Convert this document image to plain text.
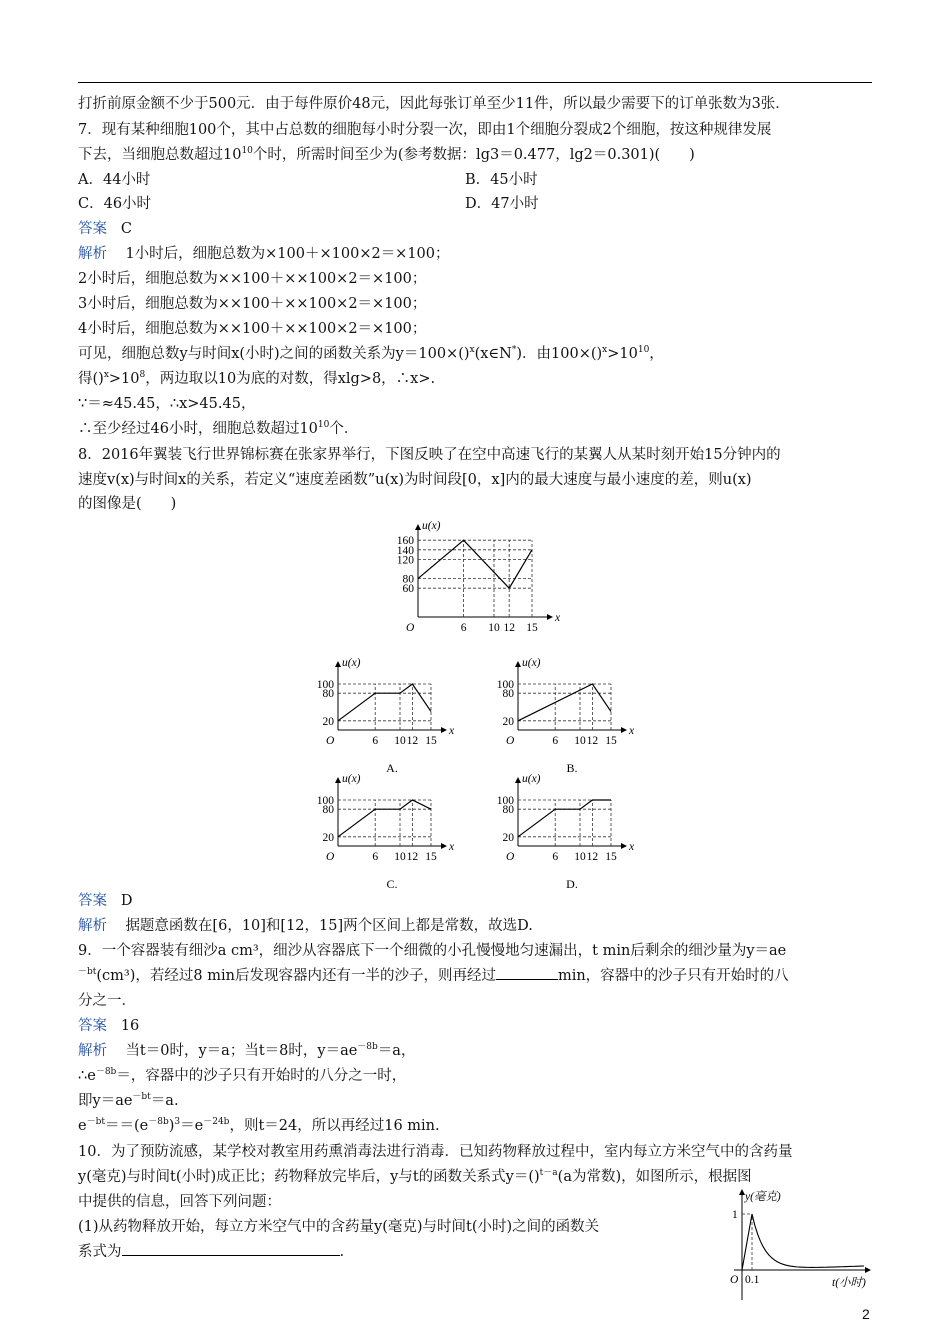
打折前原金额不少于500元．由于每件原价48元，因此每张订单至少11件，所以最少需要下的订单张数为3张．
7．现有某种细胞100个，其中占总数的细胞每小时分裂一次，即由1个细胞分裂成2个细胞，按这种规律发展
下去，当细胞总数超过$10^{10}$个时，所需时间至少为(参考数据：lg3＝0.477，lg2＝0.301)(　　)
A．44小时	B．45小时
C．46小时	D．47小时
答案 C
解析 1小时后，细胞总数为×100＋×100×2＝×100；
2小时后，细胞总数为××100＋××100×2＝×100；
3小时后，细胞总数为××100＋××100×2＝×100；
4小时后，细胞总数为××100＋××100×2＝×100；
可见，细胞总数y与时间x(小时)之间的函数关系为y＝100×()$^x$(x∈N*)．由$100\times()^x>10^{10}$，
得$()^x>10^8$，两边取以10为底的对数，得xlg>8，∴x>.
∵＝≈45.45，∴x>45.45，
∴至少经过46小时，细胞总数超过$10^{10}$个．
8．2016年翼装飞行世界锦标赛在张家界举行，下图反映了在空中高速飞行的某翼人从某时刻开始15分钟内的
速度v(x)与时间x的关系，若定义“速度差函数”u(x)为时间段[0，x]内的最大速度与最小速度的差，则u(x)
的图像是(　　)
u(x)
x
O
160
140
120
80
60
6 10 12 15
u(x)
x
O
100
80
20
6 10 12 15
A.
u(x)
x
O
100
80
20
6 10 12 15
B.
u(x)
x
O
100
80
20
6 10 12 15
C.
u(x)
x
O
100
80
20
6 10 12 15
D.
y(毫克)
t(小时)
O
1
0.1
答案 D
解析 据题意函数在[6，10]和[12，15]两个区间上都是常数，故选D.
9．一个容器装有细沙a cm³，细沙从容器底下一个细微的小孔慢慢地匀速漏出，t min后剩余的细沙量为y＝ae
$^{-bt}$(cm³)，若经过8 min后发现容器内还有一半的沙子，则再经过	min，容器中的沙子只有开始时的八
分之一．
答案 16
解析 当t＝0时，y＝a；当t＝8时，$y=ae^{-8b}=a$，
$\therefore e^{-8b}=$，容器中的沙子只有开始时的八分之一时，
即$y=ae^{-bt}=a$.
$e^{-bt}==(e^{-8b})^3=e^{-24b}$，则t＝24，所以再经过16 min.
10．为了预防流感，某学校对教室用药熏消毒法进行消毒．已知药物释放过程中，室内每立方米空气中的含药量
y(毫克)与时间t(小时)成正比；药物释放完毕后，y与t的函数关系式y＝()$^{t-a}$(a为常数)，如图所示，根据图
中提供的信息，回答下列问题：
(1)从药物释放开始，每立方米空气中的含药量y(毫克)与时间t(小时)之间的函数关
系式为	.
2
